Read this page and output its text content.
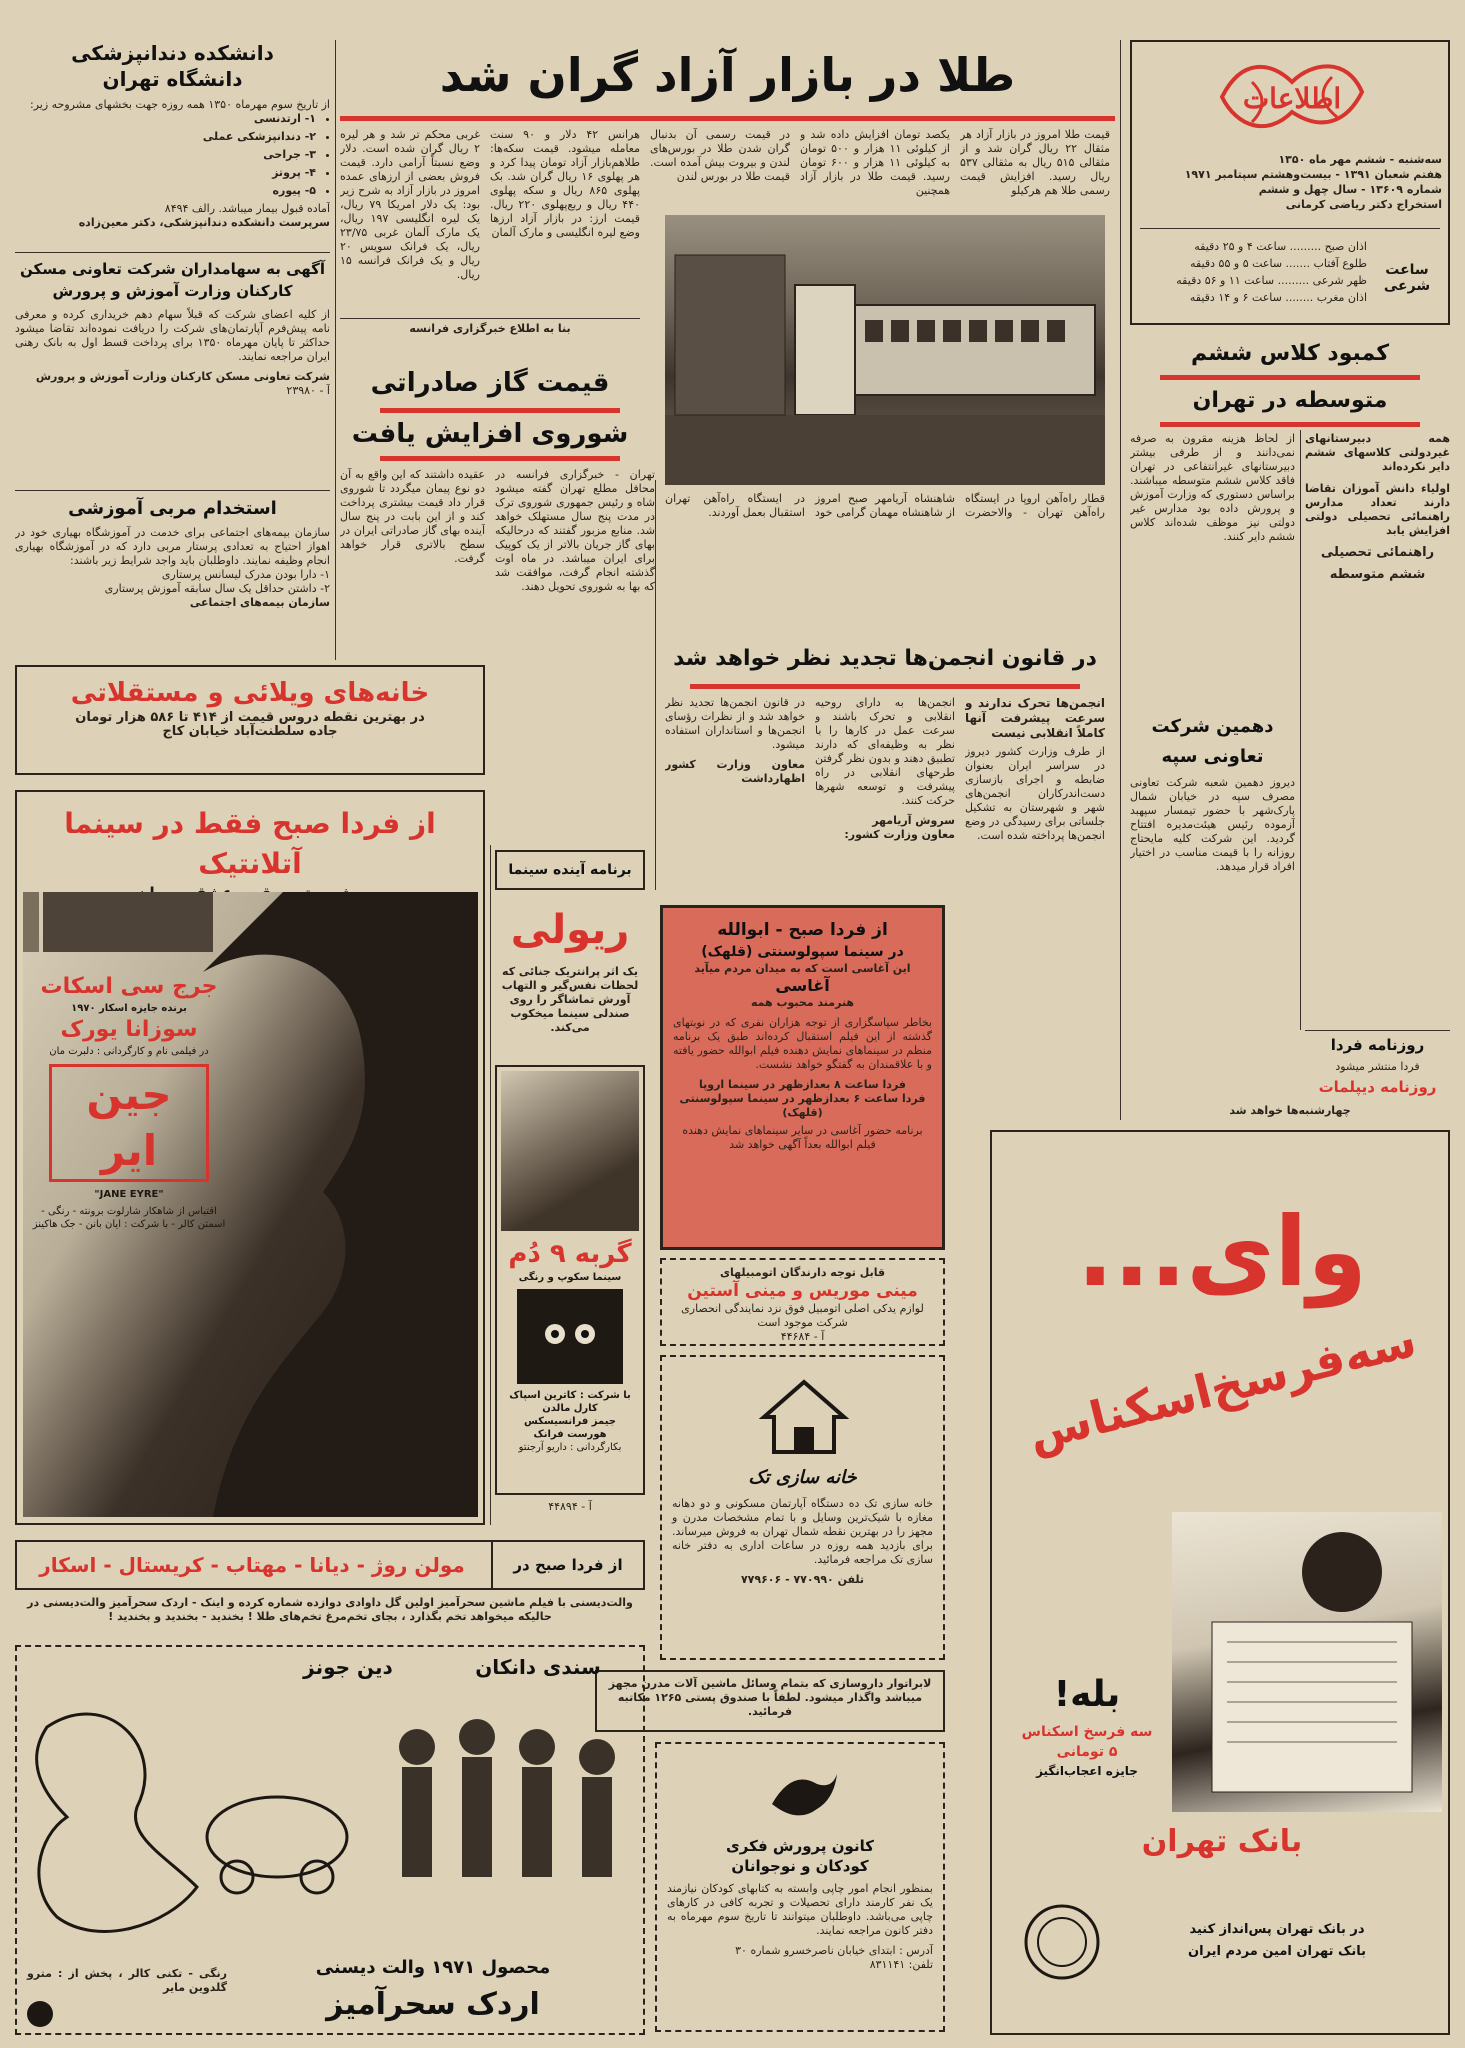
اطلاعات
سه‌شنبه - ششم مهر ماه ۱۳۵۰
هفتم شعبان ۱۳۹۱ - بیست‌وهشتم سپتامبر ۱۹۷۱
شماره ۱۳۶۰۹ - سال چهل و ششم
استخراج دکتر ریاضی کرمانی
ساعت شرعی
اذان صبح ......... ساعت ۴ و ۲۵ دقیقه
طلوع آفتاب ....... ساعت ۵ و ۵۵ دقیقه
ظهر شرعی ......... ساعت ۱۱ و ۵۶ دقیقه
اذان مغرب ........ ساعت ۶ و ۱۴ دقیقه
طلا در بازار آزاد گران شد
قیمت طلا امروز در بازار آزاد هر مثقال ۲۲ ریال گران شد و از مثقالی ۵۱۵ ریال به مثقالی ۵۳۷ ریال رسید. افزایش قیمت رسمی طلا هم هرکیلو
یکصد تومان افزایش داده شد و از کیلوئی ۱۱ هزار و ۵۰۰ تومان به کیلوئی ۱۱ هزار و ۶۰۰ تومان رسید. قیمت طلا در بازار آزاد همچنین
در قیمت رسمی آن بدنبال گران شدن طلا در بورس‌های لندن و بیروت بیش آمده است. قیمت طلا در بورس لندن
هرانس ۴۲ دلار و ۹۰ سنت معامله میشود. قیمت سکه‌ها: طلاهم‌بازار آزاد تومان پیدا کرد و هر پهلوی ۱۶ ریال گران شد. بک پهلوی ۸۶۵ ریال و سکه پهلوی ۴۴۰ ریال و ربع‌پهلوی ۲۲۰ ریال. قیمت ارز: در بازار آزاد ارزها وضع لیره انگلیسی و مارک آلمان
غربی محکم تر شد و هر لیره ۲ ریال گران شده است. دلار وضع نسبتاً آرامی دارد. قیمت فروش بعضی از ارزهای عمده امروز در بازار آزاد به شرح زیر بود: یک دلار امریکا ۷۹ ریال، یک لیره انگلیسی ۱۹۷ ریال، یک مارک آلمان غربی ۲۳/۷۵ ریال، یک فرانک سویس ۲۰ ریال و یک فرانک فرانسه ۱۵ ریال.
بنا به اطلاع خبرگزاری فرانسه
قیمت گاز صادراتی
شوروی افزایش یافت
قطار راه‌آهن اروپا در ایستگاه راه‌آهن تهران - والاحضرت شاهنشاه آریامهر صبح امروز از شاهنشاه مهمان گرامی خود در ایستگاه راه‌آهن تهران استقبال بعمل آوردند.
تهران - خبرگزاری فرانسه در محافل مطلع تهران گفته میشود شاه و رئیس جمهوری شوروی ترک در مدت پنج سال مستهلک خواهد شد. منابع مزبور گفتند که درحالیکه بهای گاز جریان بالاتر از یک کوپیک برای ایران میباشد. در ماه اوت گذشته انجام گرفت، موافقت شد که بها به شوروی تحویل دهند.
عقیده داشتند که این واقع به آن دو نوع پیمان میگردد تا شوروی قرار داد قیمت بیشتری پرداخت کند و از این بابت در پنج سال آینده بهای گاز صادراتی ایران در سطح بالاتری قرار خواهد گرفت.
در قانون انجمن‌ها تجدید نظر خواهد شد
انجمن‌ها تحرک ندارند و سرعت پیشرفت آنها کاملاً انقلابی نیست
از طرف وزارت کشور دیروز در سراسر ایران بعنوان ضابطه و اجرای بازسازی دست‌اندرکاران انجمن‌های شهر و شهرستان به تشکیل جلساتی برای رسیدگی در وضع انجمن‌ها پرداخته شده است.
انجمن‌ها به دارای روحیه انقلابی و تحرک باشند و سرعت عمل در کارها را با نظر به وظیفه‌ای که دارند تطبیق دهند و بدون نظر گرفتن طرحهای انقلابی در راه پیشرفت و توسعه شهرها حرکت کنند.
سروش آریامهر
معاون وزارت کشور:
در قانون انجمن‌ها تجدید نظر خواهد شد و از نظرات رؤسای انجمن‌ها و استانداران استفاده میشود.
معاون وزارت کشور اظهارداشت
دانشکده دندانپزشکی
دانشگاه تهران
از تاریخ سوم مهرماه ۱۳۵۰ همه روزه جهت بخشهای مشروحه زیر:
• ۱- ارتدنسی
• ۲- دندانپزشکی عملی
• ۳- جراحی
• ۴- پروتز
• ۵- پیوره
آماده قبول بیمار میباشد. رالف ۸۴۹۴
سرپرست دانشکده دندانپزشکی، دکتر معین‌زاده
آگهی به سهامداران شرکت تعاونی مسکن
کارکنان وزارت آموزش و پرورش
از کلیه اعضای شرکت که قبلاً سهام دهم خریداری کرده و معرفی نامه پیش‌فرم آپارتمان‌های شرکت را دریافت نموده‌اند تقاضا میشود حداکثر تا پایان مهرماه ۱۳۵۰ برای پرداخت قسط اول به بانک رهنی ایران مراجعه نمایند.
شرکت تعاونی مسکن کارکنان وزارت آموزش و پرورش
آ - ۲۳۹۸۰
استخدام مربی آموزشی
سازمان بیمه‌های اجتماعی برای خدمت در آموزشگاه بهیاری خود در اهواز احتیاج به تعدادی پرستار مربی دارد که در آموزشگاه بهیاری انجام وظیفه نمایند. داوطلبان باید واجد شرایط زیر باشند:
۱- دارا بودن مدرک لیسانس پرستاری
۲- داشتن حداقل یک سال سابقه آموزش پرستاری
سازمان بیمه‌های اجتماعی
خانه‌های ویلائی و مستقلاتی
در بهترین نقطه دروس قیمت از ۴۱۴ تا ۵۸۶ هزار تومان
جاده سلطنت‌آباد خیابان کاج
از فردا صبح فقط در سینما آتلانتیک
جرج سی اسکات
برنده جایزه اسکار ۱۹۷۰
سوزانا یورک
در فیلمی نام و کارگردانی : دلبرت مان
جین ایر
"JANE EYRE"
اقتباس از شاهکار شارلوت برونته - رنگی - اسمتن کالر - با شرکت : ایان بانن - جک هاکینز
برنامه آینده سینما
ریولی
یک اثر پرانتریک جنائی که لحظات نفس‌گیر و التهاب آورش تماشاگر را روی صندلی سینما میخکوب می‌کند.
گربه ۹ دُم
سینما سکوپ و رنگی
با شرکت : کاترین اسپاک
کارل مالدن
جیمز فرانسیسکس
هورست فرانک
بکارگردانی : داریو آرجنتو
آ - ۴۴۸۹۴
از فردا صبح - ابوالله
در سینما سپولوسنتی (قلهک)
این آغاسی است که به میدان مردم میآید
آغاسی
هنرمند محبوب همه
بخاطر سپاسگزاری از توجه هزاران نفری که در نوبتهای گذشته از این فیلم استقبال کرده‌اند طبق یک برنامه منظم در سینماهای نمایش دهنده فیلم ابوالله حضور یافته و با علاقمندان به گفتگو خواهد نشست.
فردا ساعت ۸ بعدازظهر در سینما اروپا
فردا ساعت ۶ بعدازظهر در سینما سپولوسنتی (قلهک)
برنامه حضور آغاسی در سایر سینماهای نمایش دهنده فیلم ابوالله بعداً آگهی خواهد شد
قابل توجه دارندگان اتومبیلهای
مینی موریس و مینی آستین
لوازم یدکی اصلی اتومبیل فوق نزد نمایندگی انحصاری شرکت موجود است
آ - ۴۴۶۸۴
خانه سازی تک
خانه سازی تک ده دستگاه آپارتمان مسکونی و دو دهانه مغازه با شیک‌ترین وسایل و با تمام مشخصات مدرن و مجهز را در بهترین نقطه شمال تهران به فروش میرساند. برای بازدید همه روزه در ساعات اداری به دفتر خانه سازی تک مراجعه فرمائید.
تلفن ۷۷۰۹۹۰ - ۷۷۹۶۰۶
لابراتوار داروسازی که بتمام وسائل ماشین آلات مدرن مجهز میباشد واگذار میشود. لطفاً با صندوق پستی ۱۲۶۵ مکاتبه فرمائید.
کانون پرورش فکری
کودکان و نوجوانان
بمنظور انجام امور چاپی وابسته به کتابهای کودکان نیازمند یک نفر کارمند دارای تحصیلات و تجربه کافی در کارهای چاپی می‌باشد. داوطلبان میتوانند تا تاریخ سوم مهرماه به دفتر کانون مراجعه نمایند.
آدرس : ابتدای خیابان ناصرخسرو شماره ۳۰
تلفن: ۸۳۱۱۴۱
کمبود کلاس ششم
متوسطه در تهران
همه دبیرستانهای غیردولتی کلاسهای ششم دایر نکرده‌اند
اولیاء دانش آموزان تقاضا دارند تعداد مدارس راهنمائی تحصیلی دولتی افزایش یابد
راهنمائی تحصیلی
ششم متوسطه
از لحاظ هزینه مقرون به صرفه نمی‌دانند و از طرفی بیشتر دبیرستانهای غیرانتفاعی در تهران فاقد کلاس ششم متوسطه میباشند. براساس دستوری که وزارت آموزش و پرورش داده بود مدارس غیر دولتی نیز موظف شده‌اند کلاس ششم دایر کنند.
دهمین شرکت
تعاونی سپه
دیروز دهمین شعبه شرکت تعاونی مصرف سپه در خیابان شمال پارک‌شهر با حضور تیمسار سپهبد آزموده رئیس هیئت‌مدیره افتتاح گردید. این شرکت کلیه مایحتاج روزانه را با قیمت مناسب در اختیار افراد قرار میدهد.
روزنامه فردا
فردا منتشر میشود
روزنامه دیپلمات
چهارشنبه‌ها خواهد شد
وای...
سه‌فرسخ‌اسکناس
بله!
سه فرسخ اسکناس
۵ تومانی
جایزه اعجاب‌انگیز
بانک تهران
در بانک تهران پس‌انداز کنید
بانک تهران امین مردم ایران
از فردا صبح در
مولن روژ - دیانا - مهتاب - کریستال - اسکار
والت‌دیسنی با فیلم ماشین سحرآمیز اولین گل داوادی دوازده شماره کرده و اینک - اردک سحرآمیز والت‌دیسنی در حالیکه میخواهد تخم بگذارد ، بجای تخم‌مرغ تخم‌های طلا ! بخندید - بخندید و بخندید !
دین جونز	سندی دانکان
محصول ۱۹۷۱ والت دیسنی
اردک سحرآمیز
رنگی - تکنی کالر ، پخش از : مترو گلدوین مایر
